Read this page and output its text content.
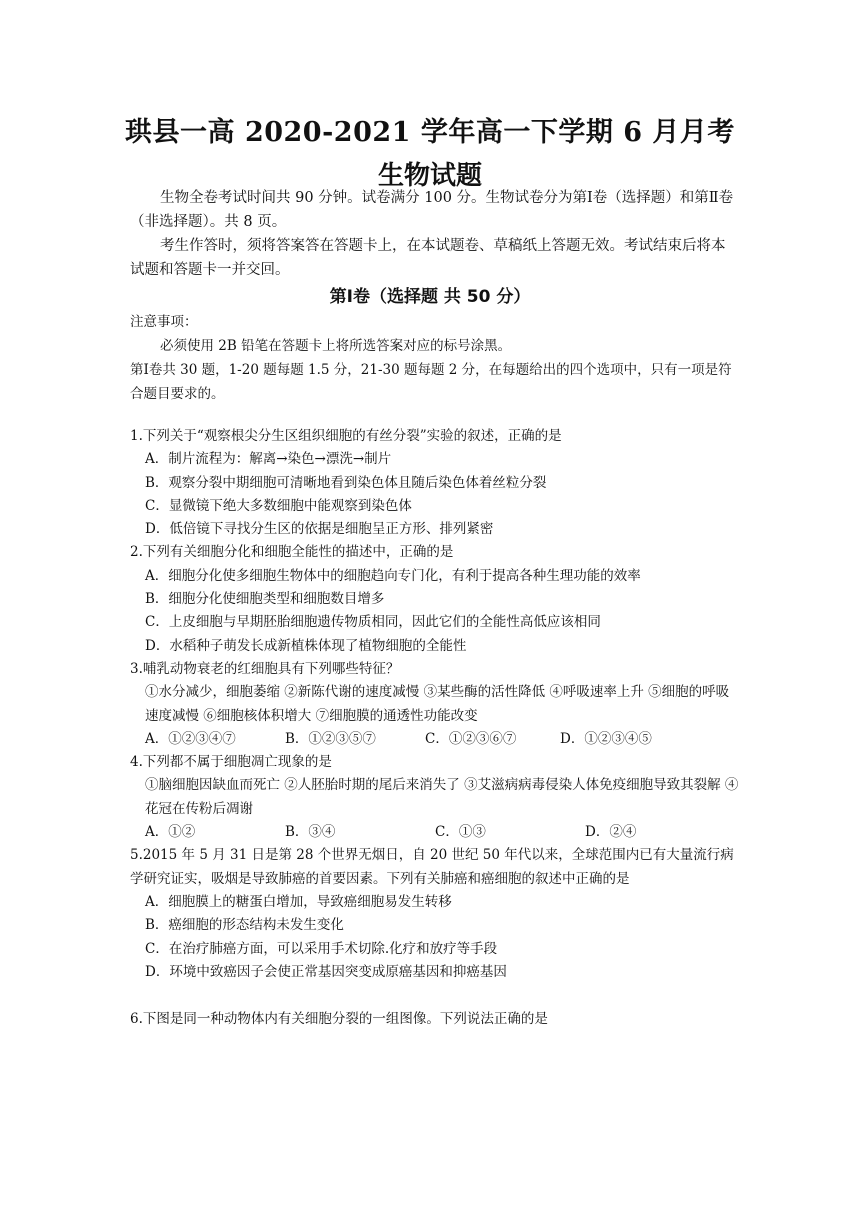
珙县一高 2020-2021 学年高一下学期 6 月月考
生物试题

生物全卷考试时间共 90 分钟。试卷满分 100 分。生物试卷分为第Ⅰ卷（选择题）和第Ⅱ卷（非选择题）。共 8 页。

考生作答时，须将答案答在答题卡上，在本试题卷、草稿纸上答题无效。考试结束后将本试题和答题卡一并交回。

第Ⅰ卷（选择题 共 50 分）

注意事项：

必须使用 2B 铅笔在答题卡上将所选答案对应的标号涂黑。

第Ⅰ卷共 30 题，1-20 题每题 1.5 分，21-30 题每题 2 分，在每题给出的四个选项中，只有一项是符合题目要求的。

1.下列关于“观察根尖分生区组织细胞的有丝分裂”实验的叙述，正确的是

A．制片流程为：解离→染色→漂洗→制片

B．观察分裂中期细胞可清晰地看到染色体且随后染色体着丝粒分裂

C．显微镜下绝大多数细胞中能观察到染色体

D．低倍镜下寻找分生区的依据是细胞呈正方形、排列紧密

2.下列有关细胞分化和细胞全能性的描述中，正确的是

A．细胞分化使多细胞生物体中的细胞趋向专门化，有利于提高各种生理功能的效率

B．细胞分化使细胞类型和细胞数目增多

C．上皮细胞与早期胚胎细胞遗传物质相同，因此它们的全能性高低应该相同

D．水稻种子萌发长成新植株体现了植物细胞的全能性

3.哺乳动物衰老的红细胞具有下列哪些特征？

①水分减少，细胞萎缩 ②新陈代谢的速度减慢 ③某些酶的活性降低 ④呼吸速率上升 ⑤细胞的呼吸速度减慢 ⑥细胞核体积增大 ⑦细胞膜的通透性功能改变

A．①②③④⑦	B．①②③⑤⑦	C．①②③⑥⑦	D．①②③④⑤

4.下列都不属于细胞凋亡现象的是

①脑细胞因缺血而死亡 ②人胚胎时期的尾后来消失了 ③艾滋病病毒侵染人体免疫细胞导致其裂解 ④花冠在传粉后凋谢

A．①②	B．③④	C．①③	D．②④

5.2015 年 5 月 31 日是第 28 个世界无烟日，自 20 世纪 50 年代以来，全球范围内已有大量流行病学研究证实，吸烟是导致肺癌的首要因素。下列有关肺癌和癌细胞的叙述中正确的是

A．细胞膜上的糖蛋白增加，导致癌细胞易发生转移

B．癌细胞的形态结构未发生变化

C．在治疗肺癌方面，可以采用手术切除.化疗和放疗等手段

D．环境中致癌因子会使正常基因突变成原癌基因和抑癌基因

6.下图是同一种动物体内有关细胞分裂的一组图像。下列说法正确的是
